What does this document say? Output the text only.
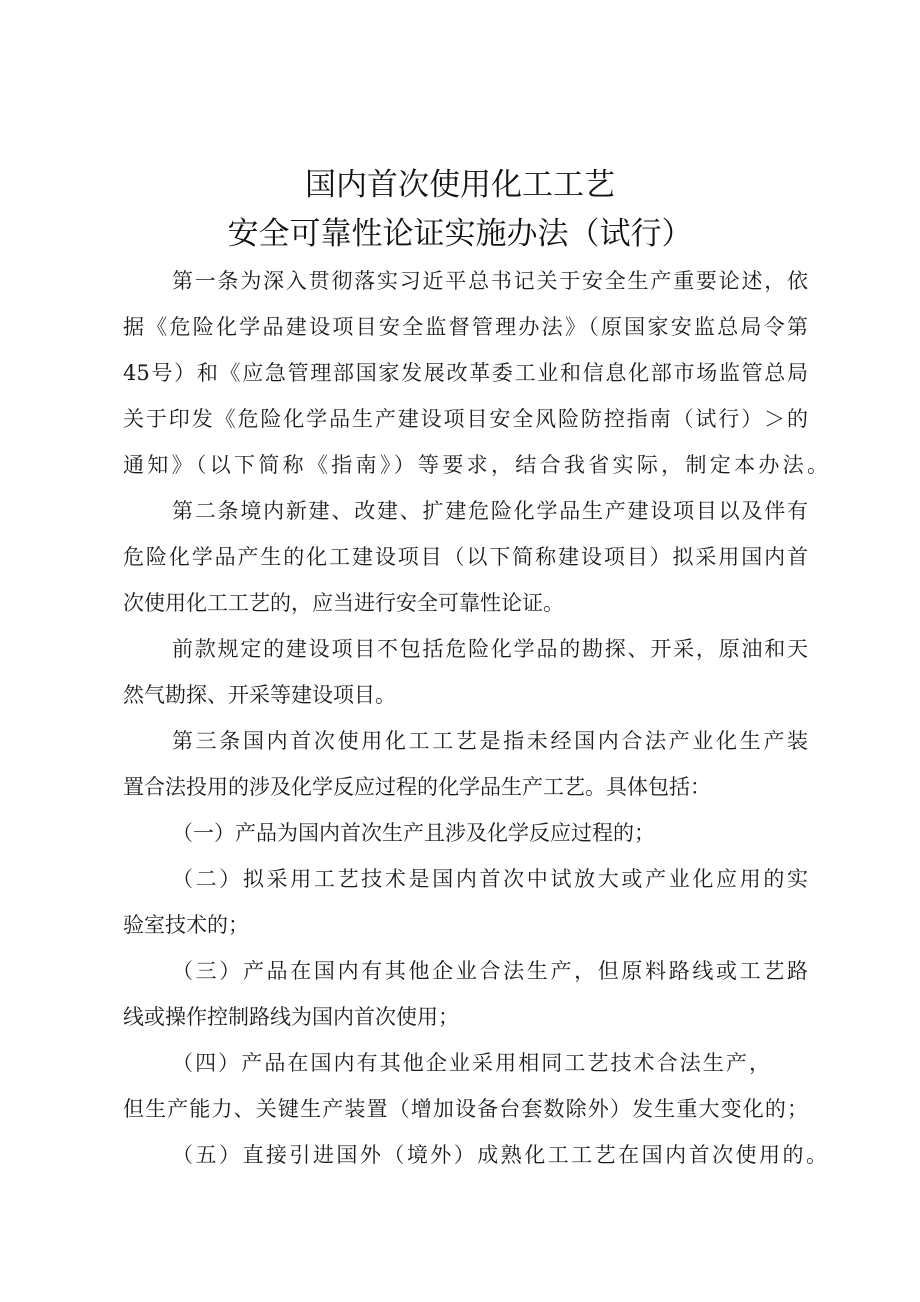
国内首次使用化工工艺
安全可靠性论证实施办法（试行）
第一条为深入贯彻落实习近平总书记关于安全生产重要论述，依
据《危险化学品建设项目安全监督管理办法》（原国家安监总局令第
45号）和《应急管理部国家发展改革委工业和信息化部市场监管总局
关于印发《危险化学品生产建设项目安全风险防控指南（试行）＞的
通知》（以下简称《指南》）等要求，结合我省实际，制定本办法。
第二条境内新建、改建、扩建危险化学品生产建设项目以及伴有
危险化学品产生的化工建设项目（以下简称建设项目）拟采用国内首
次使用化工工艺的，应当进行安全可靠性论证。
前款规定的建设项目不包括危险化学品的勘探、开采，原油和天
然气勘探、开采等建设项目。
第三条国内首次使用化工工艺是指未经国内合法产业化生产装
置合法投用的涉及化学反应过程的化学品生产工艺。具体包括：
（一）产品为国内首次生产且涉及化学反应过程的；
（二）拟采用工艺技术是国内首次中试放大或产业化应用的实
验室技术的；
（三）产品在国内有其他企业合法生产，但原料路线或工艺路
线或操作控制路线为国内首次使用；
（四）产品在国内有其他企业采用相同工艺技术合法生产，
但生产能力、关键生产装置（增加设备台套数除外）发生重大变化的；
（五）直接引进国外（境外）成熟化工工艺在国内首次使用的。
